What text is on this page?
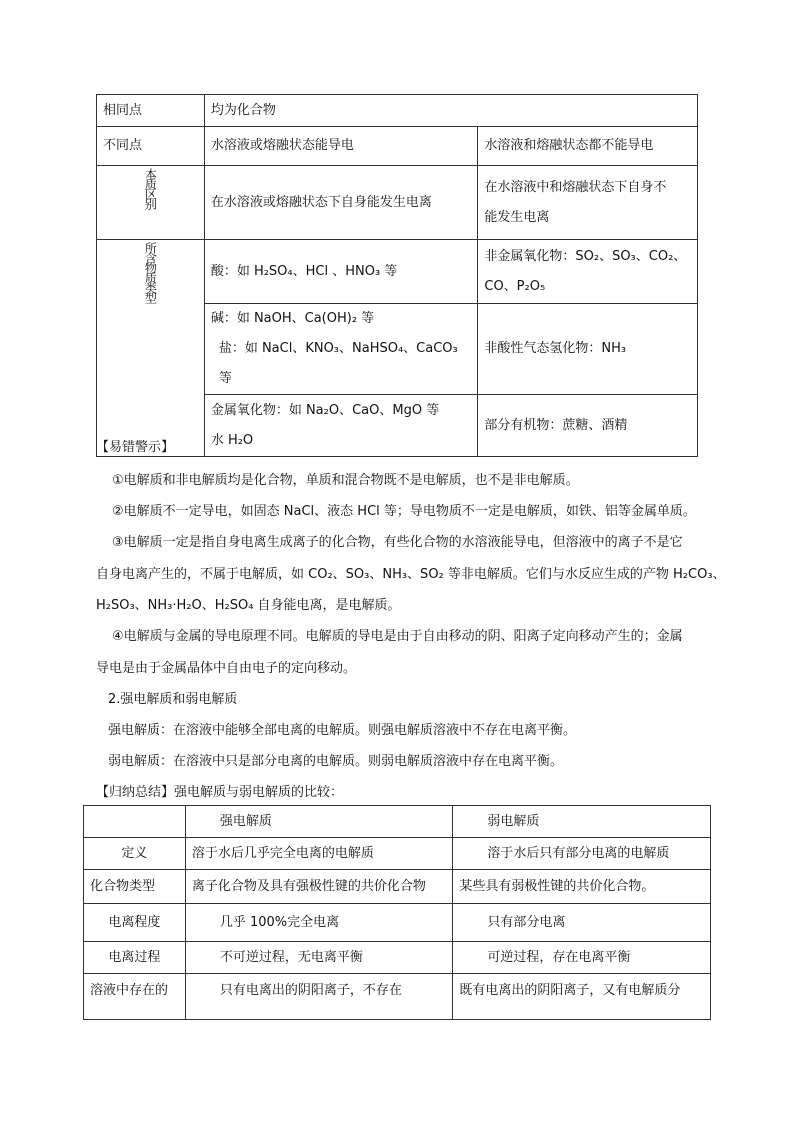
相同点	均为化合物	
不同点	水溶液或熔融状态能导电	水溶液和熔融状态都不能导电
本质区别	在水溶液或熔融状态下自身能发生电离	在水溶液中和熔融状态下自身不
能发生电离

所含物质类型	酸：如 H₂SO₄、HCl 、HNO₃ 等	非金属氧化物：SO₂、SO₃、CO₂、
CO、P₂O₅

	碱：如 NaOH、Ca(OH)₂ 等
盐：如 NaCl、KNO₃、NaHSO₄、CaCO₃ 等	非酸性气态氢化物：NH₃

	金属氧化物：如 Na₂O、CaO、MgO 等
水 H₂O	部分有机物：蔗糖、酒精
【易错警示】
①电解质和非电解质均是化合物，单质和混合物既不是电解质，也不是非电解质。
②电解质不一定导电，如固态 NaCl、液态 HCl 等；导电物质不一定是电解质，如铁、铝等金属单质。
③电解质一定是指自身电离生成离子的化合物，有些化合物的水溶液能导电，但溶液中的离子不是它
自身电离产生的，不属于电解质，如 CO₂、SO₃、NH₃、SO₂ 等非电解质。它们与水反应生成的产物 H₂CO₃、
H₂SO₃、NH₃·H₂O、H₂SO₄ 自身能电离，是电解质。
④电解质与金属的导电原理不同。电解质的导电是由于自由移动的阴、阳离子定向移动产生的；金属
导电是由于金属晶体中自由电子的定向移动。
2.强电解质和弱电解质
强电解质：在溶液中能够全部电离的电解质。则强电解质溶液中不存在电离平衡。
弱电解质：在溶液中只是部分电离的电解质。则弱电解质溶液中存在电离平衡。
【归纳总结】强电解质与弱电解质的比较：
	强电解质	弱电解质
定义	溶于水后几乎完全电离的电解质	溶于水后只有部分电离的电解质
化合物类型	离子化合物及具有强极性键的共价化合物	某些具有弱极性键的共价化合物。
电离程度	几乎 100%完全电离	只有部分电离
电离过程	不可逆过程，无电离平衡	可逆过程，存在电离平衡
溶液中存在的	只有电离出的阴阳离子，不存在	既有电离出的阴阳离子，又有电解质分
